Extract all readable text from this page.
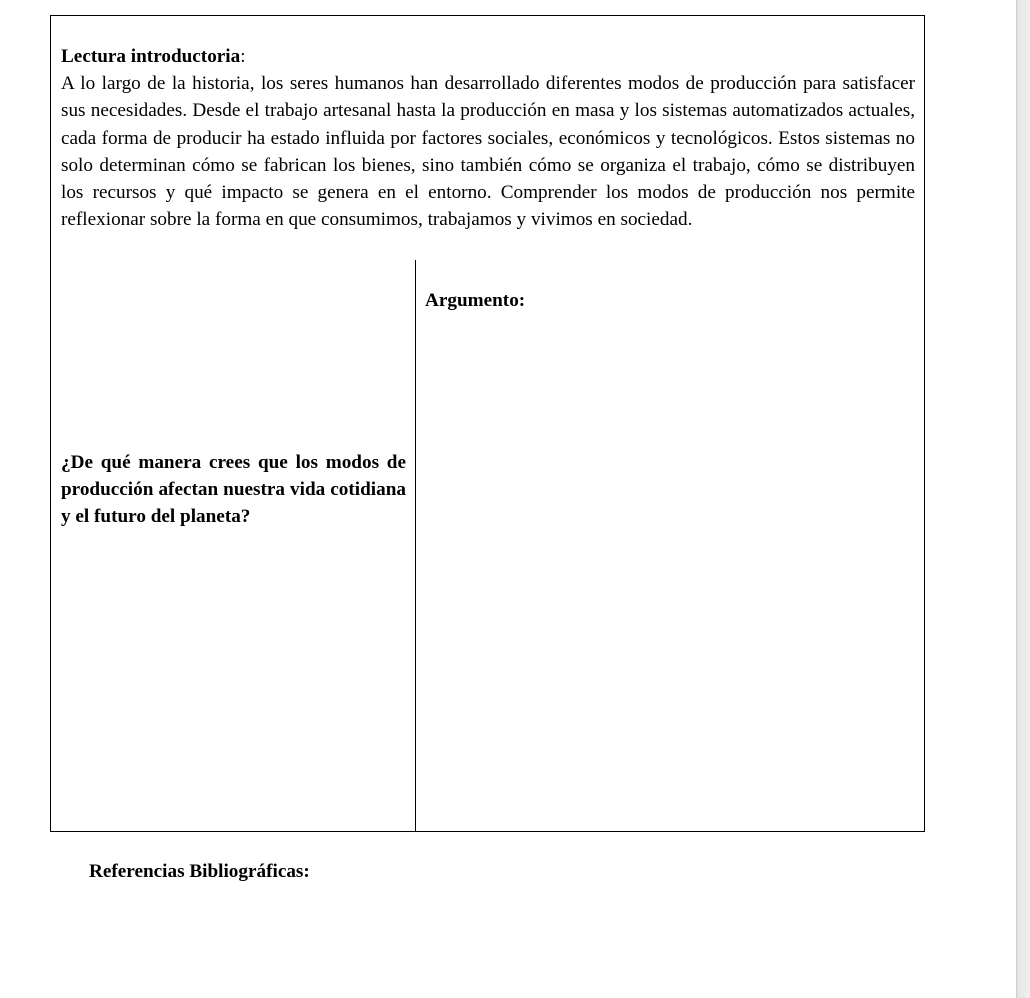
Lectura introductoria:

A lo largo de la historia, los seres humanos han desarrollado diferentes modos de producción para satisfacer sus necesidades. Desde el trabajo artesanal hasta la producción en masa y los sistemas automatizados actuales, cada forma de producir ha estado influida por factores sociales, económicos y tecnológicos. Estos sistemas no solo determinan cómo se fabrican los bienes, sino también cómo se organiza el trabajo, cómo se distribuyen los recursos y qué impacto se genera en el entorno. Comprender los modos de producción nos permite reflexionar sobre la forma en que consumimos, trabajamos y vivimos en sociedad.

¿De qué manera crees que los modos de producción afectan nuestra vida cotidiana y el futuro del planeta?

Argumento:
Referencias Bibliográficas:
